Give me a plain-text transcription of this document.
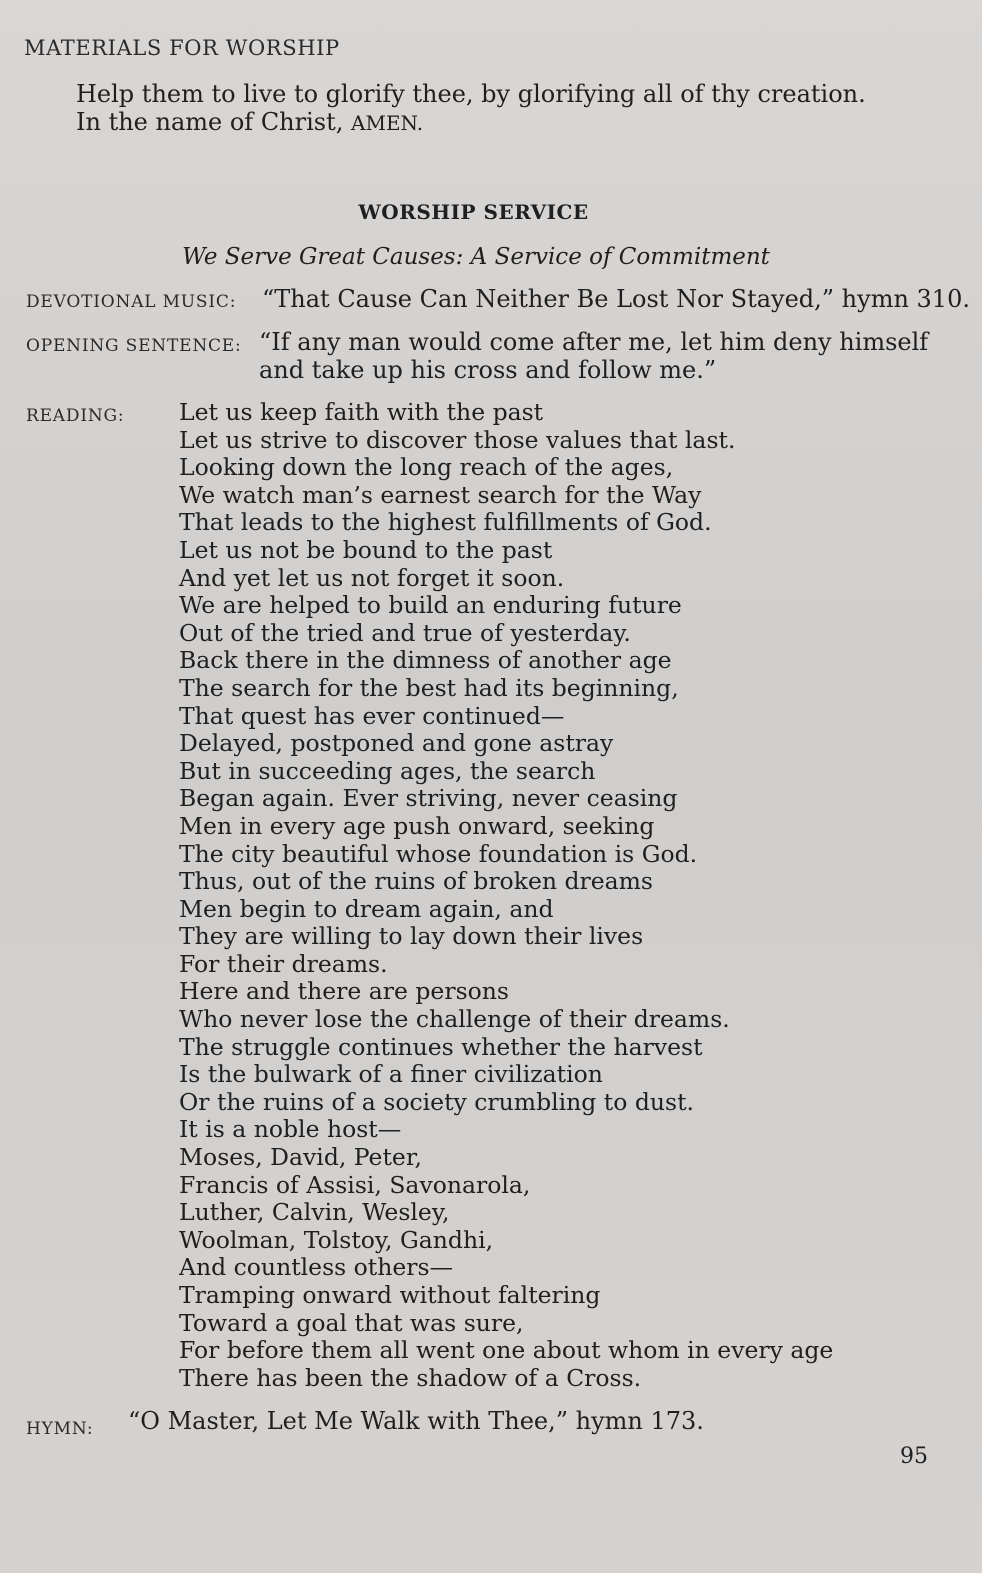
MATERIALS FOR WORSHIP
Help them to live to glorify thee, by glorifying all of thy creation.
In the name of Christ, AMEN.
WORSHIP SERVICE
We Serve Great Causes: A Service of Commitment
DEVOTIONAL MUSIC: “That Cause Can Neither Be Lost Nor Stayed,” hymn 310.
OPENING SENTENCE: “If any man would come after me, let him deny himself and take up his cross and follow me.”
READING: Let us keep faith with the past
Let us strive to discover those values that last.
Looking down the long reach of the ages,
We watch man’s earnest search for the Way
That leads to the highest fulfillments of God.
Let us not be bound to the past
And yet let us not forget it soon.
We are helped to build an enduring future
Out of the tried and true of yesterday.
Back there in the dimness of another age
The search for the best had its beginning,
That quest has ever continued—
Delayed, postponed and gone astray
But in succeeding ages, the search
Began again. Ever striving, never ceasing
Men in every age push onward, seeking
The city beautiful whose foundation is God.
Thus, out of the ruins of broken dreams
Men begin to dream again, and
They are willing to lay down their lives
For their dreams.
Here and there are persons
Who never lose the challenge of their dreams.
The struggle continues whether the harvest
Is the bulwark of a finer civilization
Or the ruins of a society crumbling to dust.
It is a noble host—
Moses, David, Peter,
Francis of Assisi, Savonarola,
Luther, Calvin, Wesley,
Woolman, Tolstoy, Gandhi,
And countless others—
Tramping onward without faltering
Toward a goal that was sure,
For before them all went one about whom in every age
There has been the shadow of a Cross.
HYMN: “O Master, Let Me Walk with Thee,” hymn 173.
95
